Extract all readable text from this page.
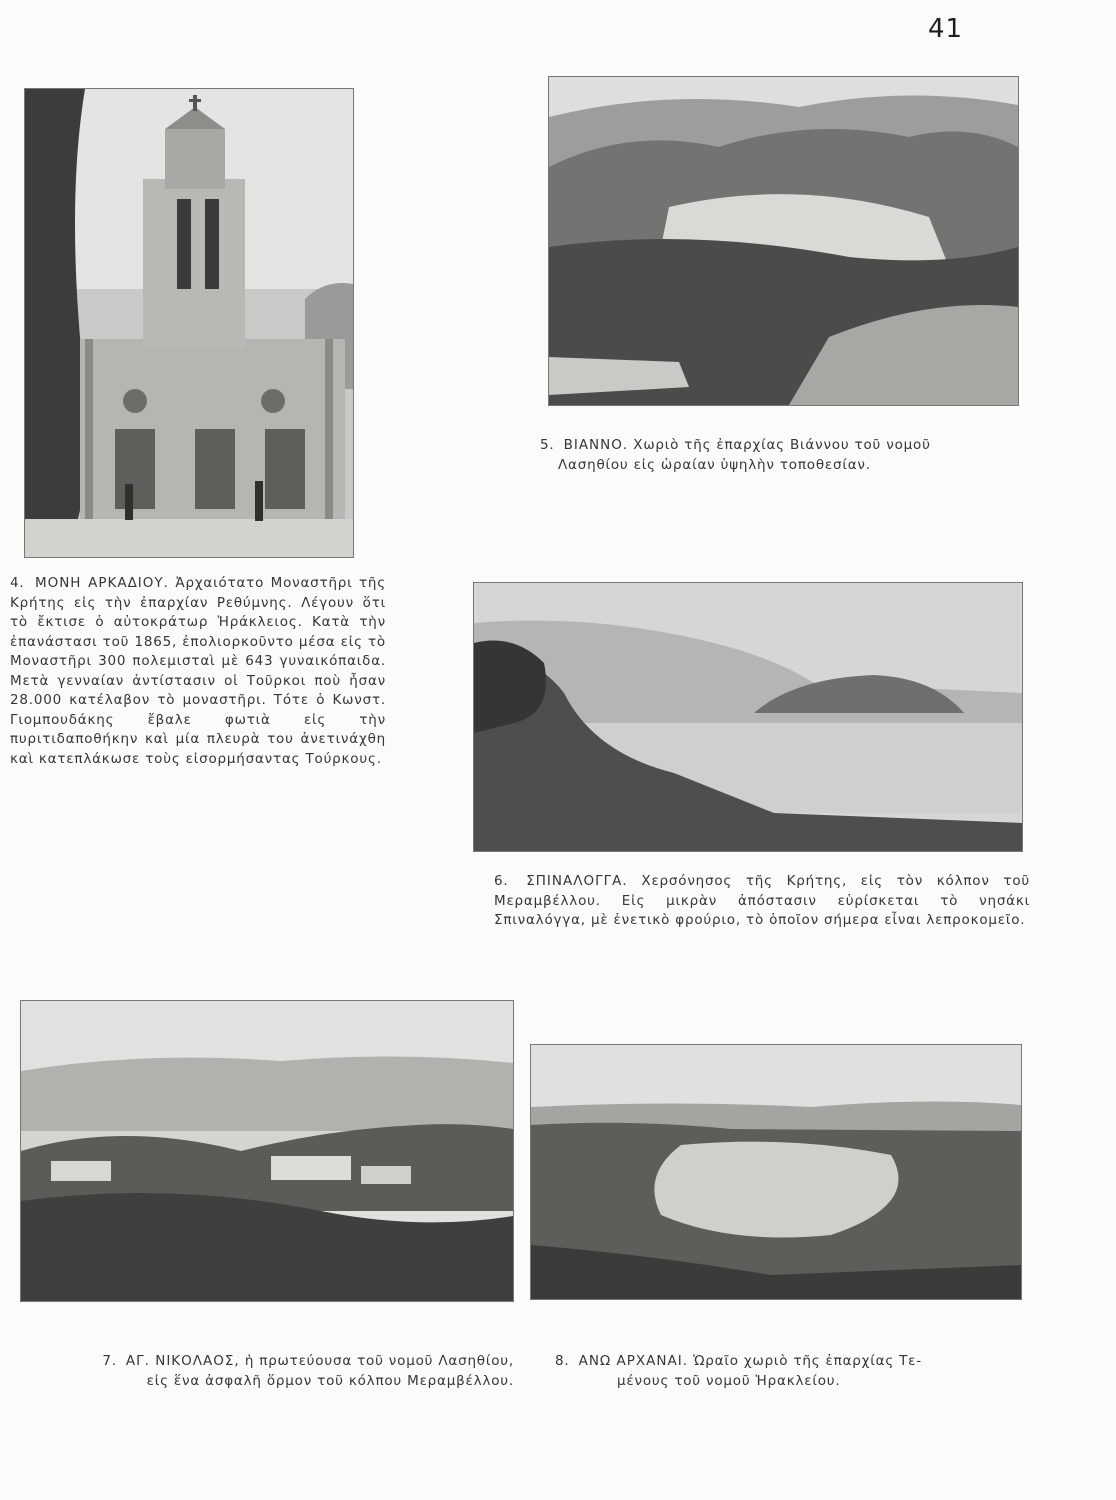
41

4. ΜΟΝΗ ΑΡΚΑΔΙΟΥ. Ἀρχαιότατο Μοναστῆρι τῆς Κρήτης εἰς τὴν ἐπαρχίαν Ρεθύμνης. Λέγουν ὅτι τὸ ἔκτισε ὁ αὐτοκράτωρ Ἡράκλειος. Κατὰ τὴν ἐπανάστασι τοῦ 1865, ἐπολιορκοῦντο μέσα εἰς τὸ Μοναστῆρι 300 πολεμισταὶ μὲ 643 γυναικόπαιδα. Μετὰ γενναίαν ἀντίστασιν οἱ Τοῦρκοι ποὺ ἦσαν 28.000 κατέλαβον τὸ μοναστῆρι. Τότε ὁ Κωνστ. Γιομπουδάκης ἔβαλε φωτιὰ εἰς τὴν πυριτιδαποθήκην καὶ μία πλευρὰ του ἀνετινάχθη καὶ κατεπλάκωσε τοὺς εἰσορμήσαντας Τούρκους.

5. ΒΙΑΝΝΟ. Χωριὸ τῆς ἐπαρχίας Βιάννου τοῦ νομοῦ
Λασηθίου εἰς ὡραίαν ὑψηλὴν τοποθεσίαν.

6. ΣΠΙΝΑΛΟΓΓΑ. Χερσόνησος τῆς Κρήτης, εἰς τὸν κόλπον τοῦ Μεραμβέλλου. Εἰς μικρὰν ἀπόστασιν εὑρίσκεται τὸ νησάκι Σπιναλόγγα, μὲ ἐνετικὸ φρούριο, τὸ ὁποῖον σήμερα εἶναι λεπροκομεῖο.

7. ΑΓ. ΝΙΚΟΛΑΟΣ, ἡ πρωτεύουσα τοῦ νομοῦ Λασηθίου,
εἰς ἕνα ἀσφαλῆ ὅρμον τοῦ κόλπου Μεραμβέλλου.

8. ΑΝΩ ΑΡΧΑΝΑΙ. Ὡραῖο χωριὸ τῆς ἐπαρχίας Τε-
μένους τοῦ νομοῦ Ἡρακλείου.
